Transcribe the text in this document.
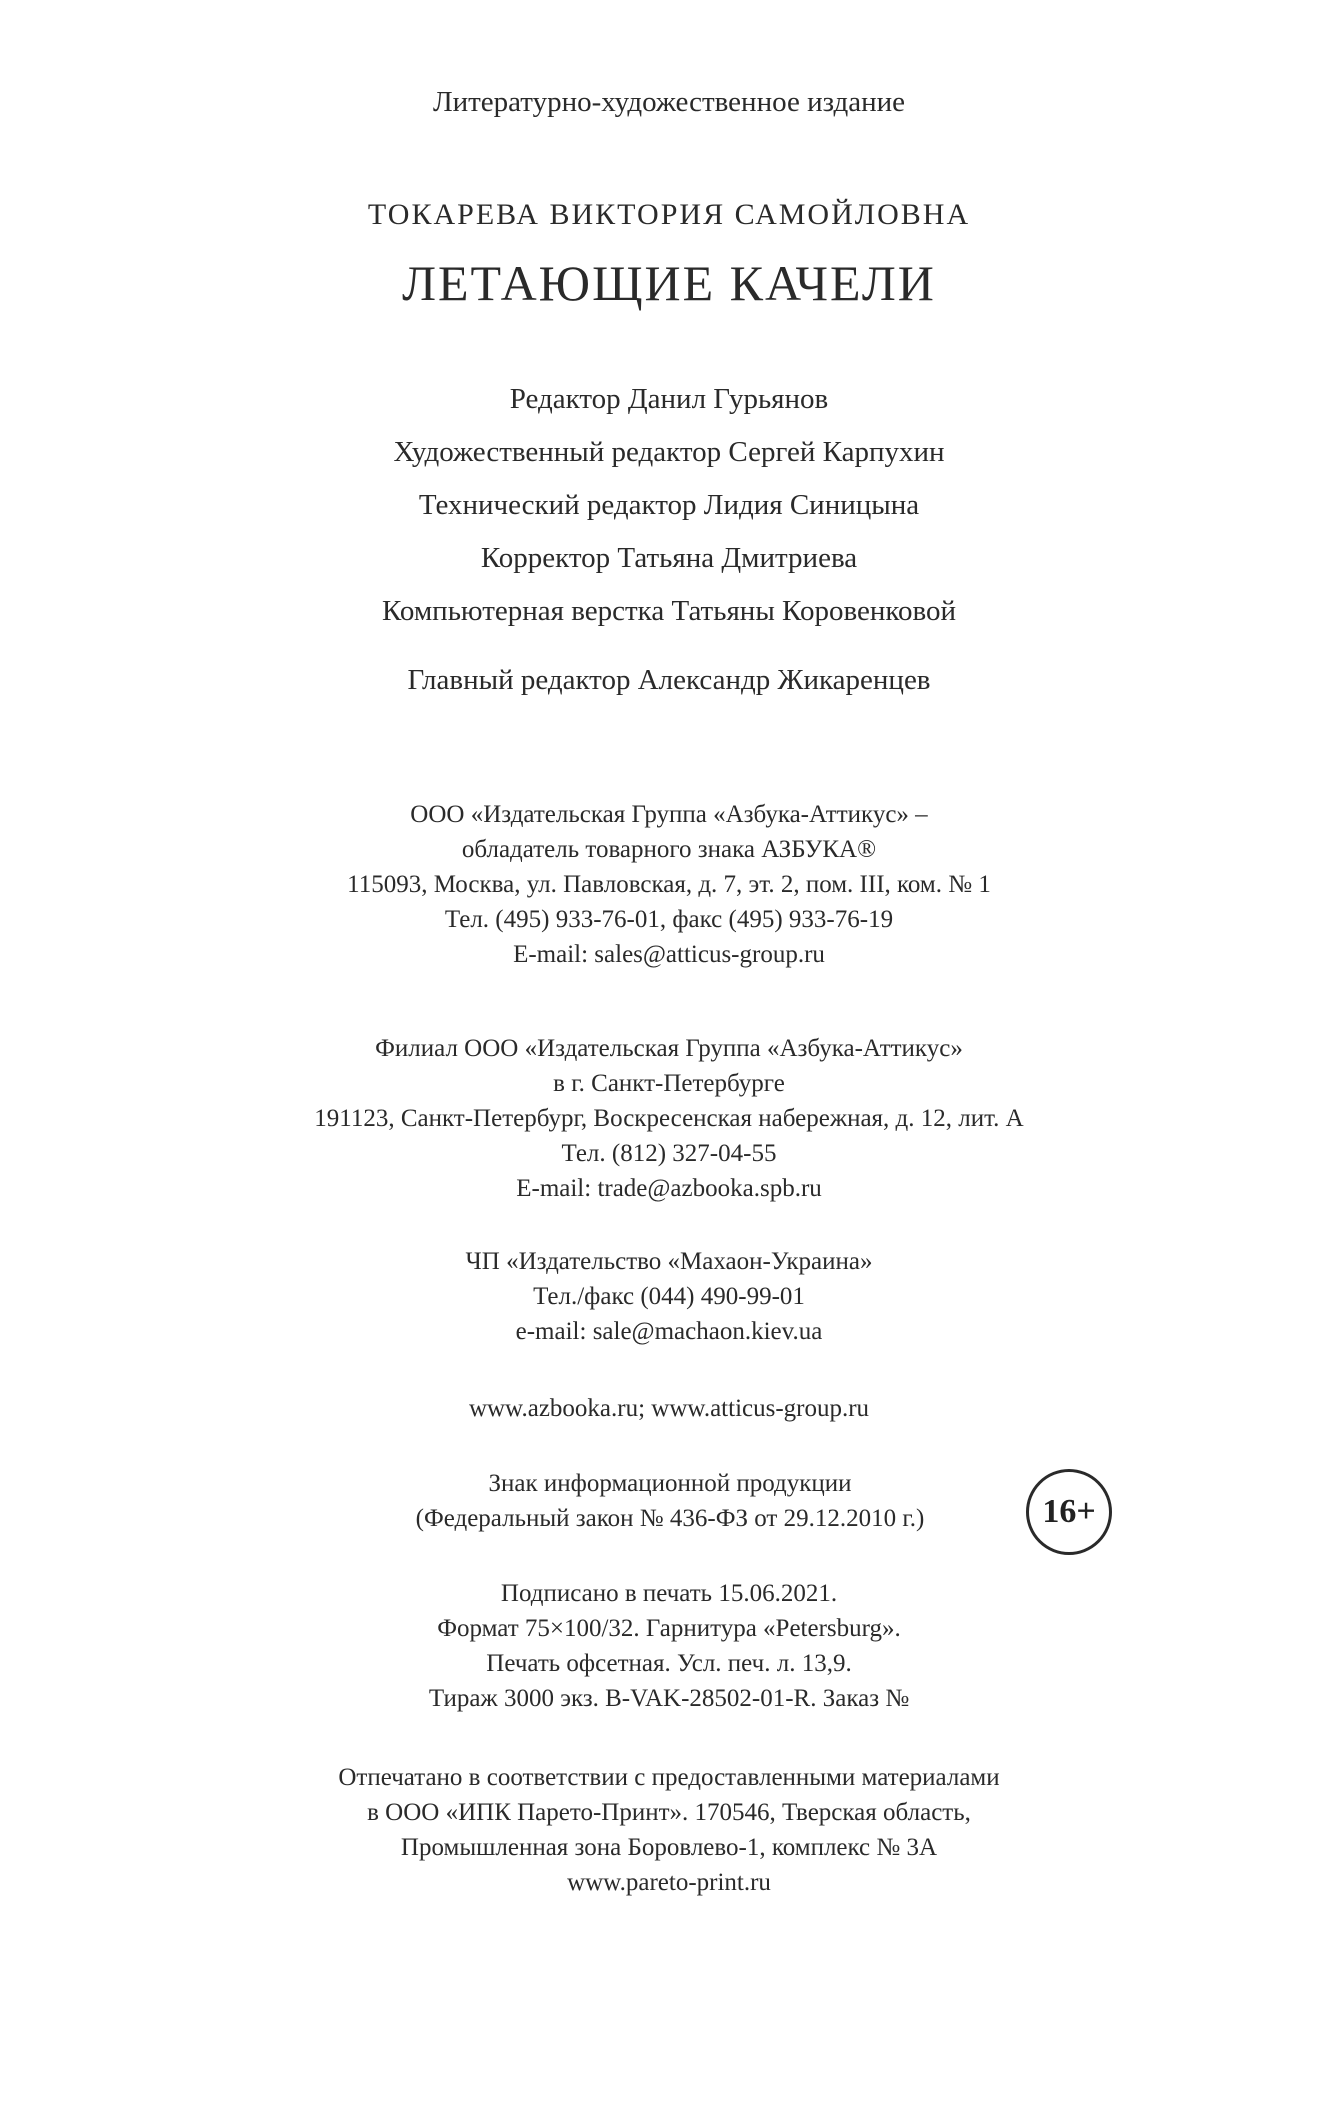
Литературно-художественное издание
ТОКАРЕВА ВИКТОРИЯ САМОЙЛОВНА
ЛЕТАЮЩИЕ КАЧЕЛИ
Редактор Данил Гурьянов
Художественный редактор Сергей Карпухин
Технический редактор Лидия Синицына
Корректор Татьяна Дмитриева
Компьютерная верстка Татьяны Коровенковой
Главный редактор Александр Жикаренцев
ООО «Издательская Группа «Азбука-Аттикус» –
обладатель товарного знака АЗБУКА®
115093, Москва, ул. Павловская, д. 7, эт. 2, пом. III, ком. № 1
Тел. (495) 933-76-01, факс (495) 933-76-19
E-mail: sales@atticus-group.ru
Филиал ООО «Издательская Группа «Азбука-Аттикус»
в г. Санкт-Петербурге
191123, Санкт-Петербург, Воскресенская набережная, д. 12, лит. А
Тел. (812) 327-04-55
E-mail: trade@azbooka.spb.ru
ЧП «Издательство «Махаон-Украина»
Тел./факс (044) 490-99-01
e-mail: sale@machaon.kiev.ua
www.azbooka.ru; www.atticus-group.ru
Знак информационной продукции
(Федеральный закон № 436-ФЗ от 29.12.2010 г.)	16+
Подписано в печать 15.06.2021.
Формат 75×100/32. Гарнитура «Petersburg».
Печать офсетная. Усл. печ. л. 13,9.
Тираж 3000 экз. B-VAK-28502-01-R. Заказ №
Отпечатано в соответствии с предоставленными материалами
в ООО «ИПК Парето-Принт». 170546, Тверская область,
Промышленная зона Боровлево-1, комплекс № 3А
www.pareto-print.ru
